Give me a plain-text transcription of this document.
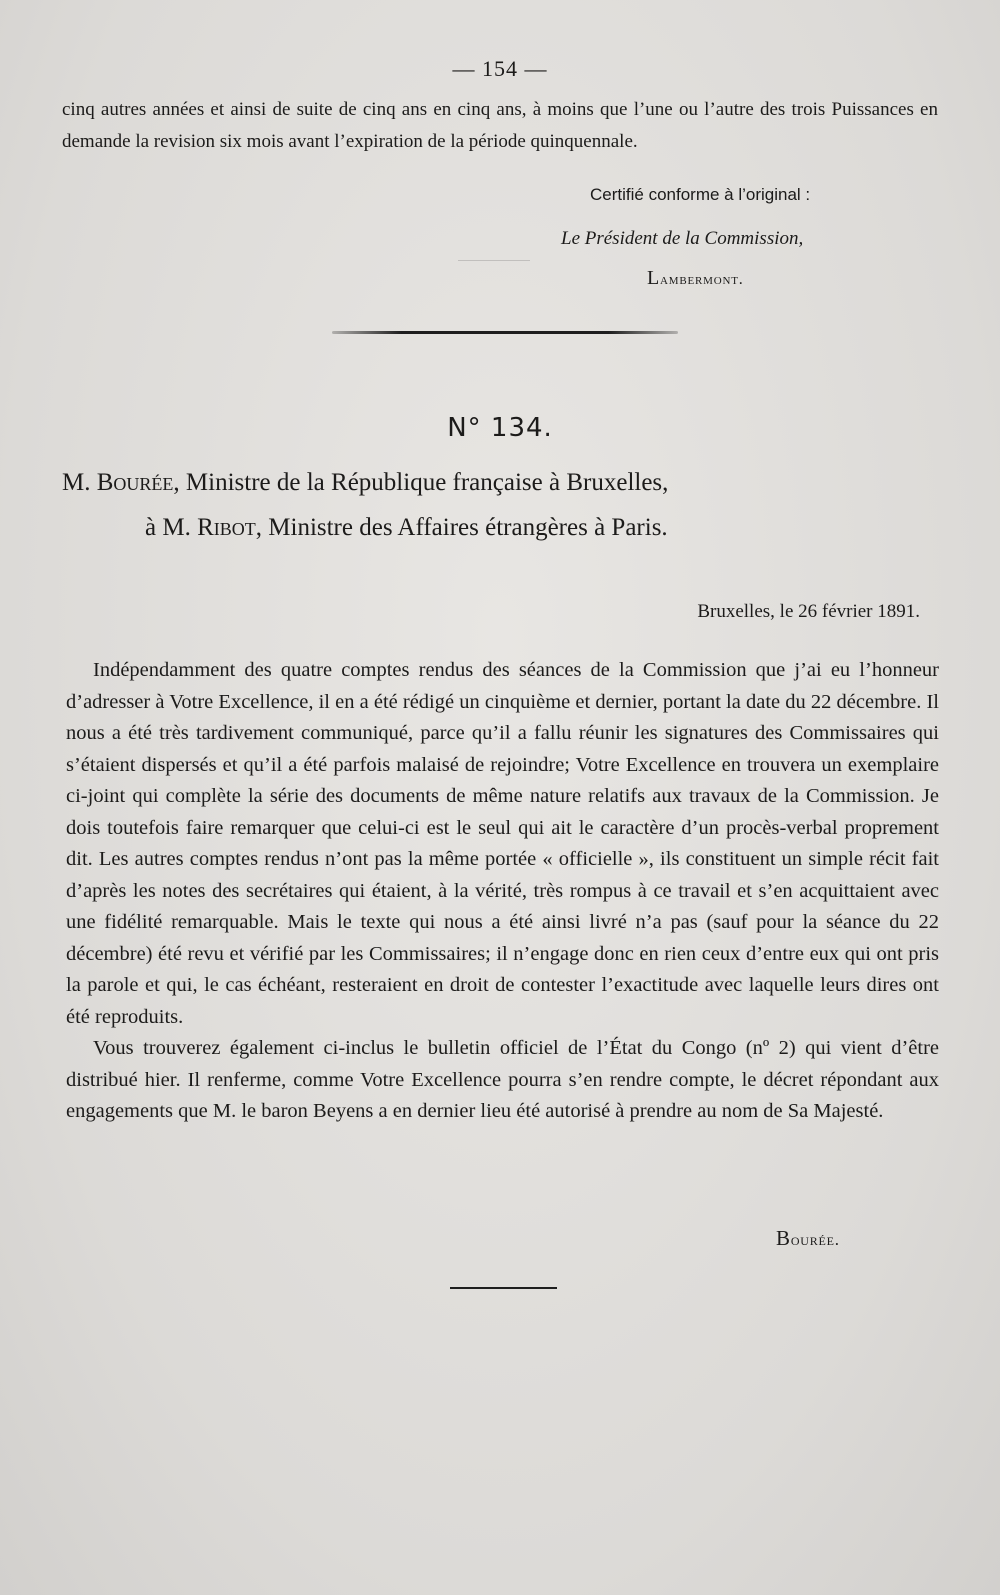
— 154 —
cinq autres années et ainsi de suite de cinq ans en cinq ans, à moins que l’une ou l’autre des trois Puissances en demande la revision six mois avant l’expiration de la période quinquennale.
Certifié conforme à l’original :
Le Président de la Commission,
Lambermont.
N° 134.
M. Bourée, Ministre de la République française à Bruxelles,
à M. Ribot, Ministre des Affaires étrangères à Paris.
Bruxelles, le 26 février 1891.

Indépendamment des quatre comptes rendus des séances de la Commission que j’ai eu l’honneur d’adresser à Votre Excellence, il en a été rédigé un cinquième et dernier, portant la date du 22 décembre. Il nous a été très tardivement communiqué, parce qu’il a fallu réunir les signatures des Commissaires qui s’étaient dispersés et qu’il a été parfois malaisé de rejoindre; Votre Excellence en trouvera un exemplaire ci-joint qui complète la série des documents de même nature relatifs aux travaux de la Commission. Je dois toutefois faire remarquer que celui-ci est le seul qui ait le caractère d’un procès-verbal proprement dit. Les autres comptes rendus n’ont pas la même portée « officielle », ils constituent un simple récit fait d’après les notes des secrétaires qui étaient, à la vérité, très rompus à ce travail et s’en acquittaient avec une fidélité remarquable. Mais le texte qui nous a été ainsi livré n’a pas (sauf pour la séance du 22 décembre) été revu et vérifié par les Commissaires; il n’engage donc en rien ceux d’entre eux qui ont pris la parole et qui, le cas échéant, resteraient en droit de contester l’exactitude avec laquelle leurs dires ont été reproduits.

Vous trouverez également ci-inclus le bulletin officiel de l’État du Congo (nº 2) qui vient d’être distribué hier. Il renferme, comme Votre Excellence pourra s’en rendre compte, le décret répondant aux engagements que M. le baron Beyens a en dernier lieu été autorisé à prendre au nom de Sa Majesté.

Bourée.
